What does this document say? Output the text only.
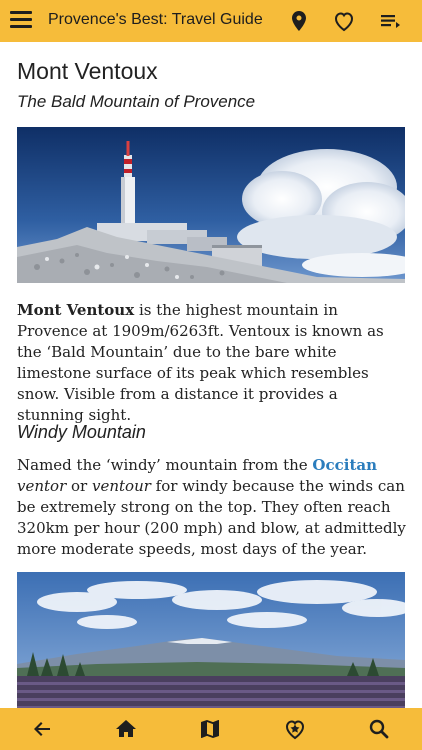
Provence's Best: Travel Guide
Mont Ventoux
The Bald Mountain of Provence

Mont Ventoux is the highest mountain in Provence at 1909m/6263ft. Ventoux is known as the ‘Bald Mountain’ due to the bare white limestone surface of its peak which resembles snow. Visible from a distance it provides a stunning sight.

Windy Mountain

Named the ‘windy’ mountain from the Occitan ventor or ventour for windy because the winds can be extremely strong on the top. They often reach 320km per hour (200 mph) and blow, at admittedly more moderate speeds, most days of the year.
